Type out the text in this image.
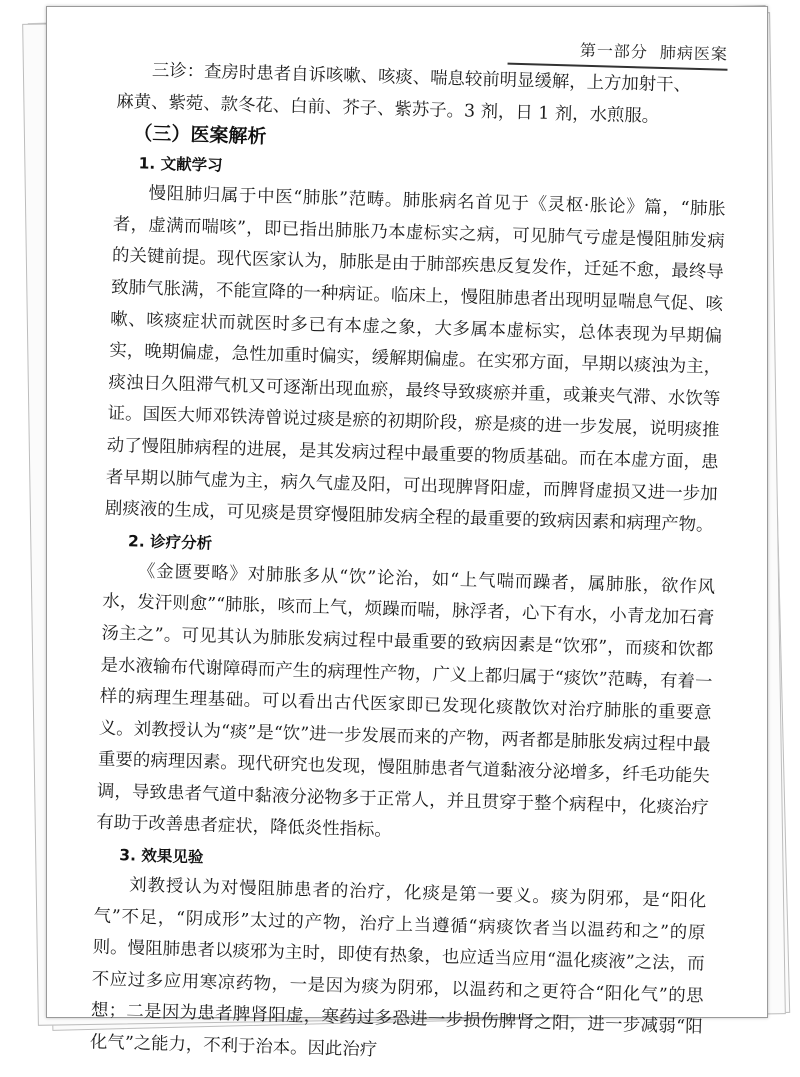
第一部分 肺病医案

三诊：查房时患者自诉咳嗽、咳痰、喘息较前明显缓解，上方加射干、

麻黄、紫菀、款冬花、白前、芥子、紫苏子。3 剂，日 1 剂，水煎服。

（三）医案解析

1. 文献学习

慢阻肺归属于中医“肺胀”范畴。肺胀病名首见于《灵枢·胀论》篇，“肺胀者，虚满而喘咳”，即已指出肺胀乃本虚标实之病，可见肺气亏虚是慢阻肺发病的关键前提。现代医家认为，肺胀是由于肺部疾患反复发作，迁延不愈，最终导致肺气胀满，不能宣降的一种病证。临床上，慢阻肺患者出现明显喘息气促、咳嗽、咳痰症状而就医时多已有本虚之象，大多属本虚标实，总体表现为早期偏实，晚期偏虚，急性加重时偏实，缓解期偏虚。在实邪方面，早期以痰浊为主，痰浊日久阻滞气机又可逐渐出现血瘀，最终导致痰瘀并重，或兼夹气滞、水饮等证。国医大师邓铁涛曾说过痰是瘀的初期阶段，瘀是痰的进一步发展，说明痰推动了慢阻肺病程的进展，是其发病过程中最重要的物质基础。而在本虚方面，患者早期以肺气虚为主，病久气虚及阳，可出现脾肾阳虚，而脾肾虚损又进一步加剧痰液的生成，可见痰是贯穿慢阻肺发病全程的最重要的致病因素和病理产物。

2. 诊疗分析

《金匮要略》对肺胀多从“饮”论治，如“上气喘而躁者，属肺胀，欲作风水，发汗则愈”“肺胀，咳而上气，烦躁而喘，脉浮者，心下有水，小青龙加石膏汤主之”。可见其认为肺胀发病过程中最重要的致病因素是“饮邪”，而痰和饮都是水液输布代谢障碍而产生的病理性产物，广义上都归属于“痰饮”范畴，有着一样的病理生理基础。可以看出古代医家即已发现化痰散饮对治疗肺胀的重要意义。刘教授认为“痰”是“饮”进一步发展而来的产物，两者都是肺胀发病过程中最重要的病理因素。现代研究也发现，慢阻肺患者气道黏液分泌增多，纤毛功能失调，导致患者气道中黏液分泌物多于正常人，并且贯穿于整个病程中，化痰治疗有助于改善患者症状，降低炎性指标。

3. 效果见验

刘教授认为对慢阻肺患者的治疗，化痰是第一要义。痰为阴邪，是“阳化气”不足，“阴成形”太过的产物，治疗上当遵循“病痰饮者当以温药和之”的原则。慢阻肺患者以痰邪为主时，即使有热象，也应适当应用“温化痰液”之法，而不应过多应用寒凉药物，一是因为痰为阴邪，以温药和之更符合“阳化气”的思想；二是因为患者脾肾阳虚，寒药过多恐进一步损伤脾肾之阳，进一步减弱“阳化气”之能力，不利于治本。因此治疗
